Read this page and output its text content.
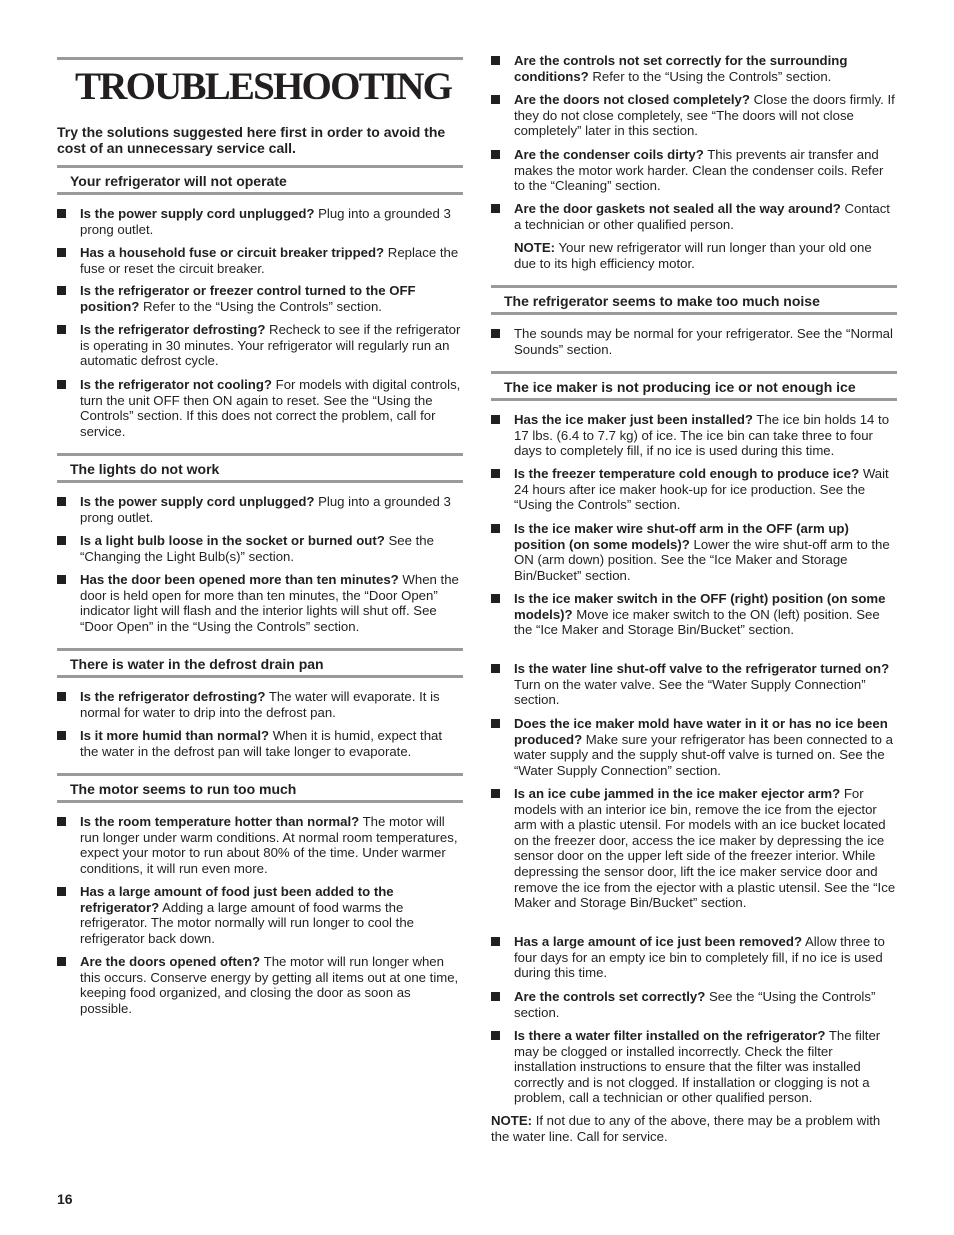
TROUBLESHOOTING

Try the solutions suggested here first in order to avoid the cost of an unnecessary service call.

Your refrigerator will not operate
Is the power supply cord unplugged? Plug into a grounded 3 prong outlet.
Has a household fuse or circuit breaker tripped? Replace the fuse or reset the circuit breaker.
Is the refrigerator or freezer control turned to the OFF position? Refer to the “Using the Controls” section.
Is the refrigerator defrosting? Recheck to see if the refrigerator is operating in 30 minutes. Your refrigerator will regularly run an automatic defrost cycle.
Is the refrigerator not cooling? For models with digital controls, turn the unit OFF then ON again to reset. See the “Using the Controls” section. If this does not correct the problem, call for service.
The lights do not work
Is the power supply cord unplugged? Plug into a grounded 3 prong outlet.
Is a light bulb loose in the socket or burned out? See the “Changing the Light Bulb(s)” section.
Has the door been opened more than ten minutes? When the door is held open for more than ten minutes, the “Door Open” indicator light will flash and the interior lights will shut off. See “Door Open” in the “Using the Controls” section.
There is water in the defrost drain pan
Is the refrigerator defrosting? The water will evaporate. It is normal for water to drip into the defrost pan.
Is it more humid than normal? When it is humid, expect that the water in the defrost pan will take longer to evaporate.
The motor seems to run too much
Is the room temperature hotter than normal? The motor will run longer under warm conditions. At normal room temperatures, expect your motor to run about 80% of the time. Under warmer conditions, it will run even more.
Has a large amount of food just been added to the refrigerator? Adding a large amount of food warms the refrigerator. The motor normally will run longer to cool the refrigerator back down.
Are the doors opened often? The motor will run longer when this occurs. Conserve energy by getting all items out at one time, keeping food organized, and closing the door as soon as possible.
Are the controls not set correctly for the surrounding conditions? Refer to the “Using the Controls” section.
Are the doors not closed completely? Close the doors firmly. If they do not close completely, see “The doors will not close completely” later in this section.
Are the condenser coils dirty? This prevents air transfer and makes the motor work harder. Clean the condenser coils. Refer to the “Cleaning” section.
Are the door gaskets not sealed all the way around? Contact a technician or other qualified person.
NOTE: Your new refrigerator will run longer than your old one due to its high efficiency motor.
The refrigerator seems to make too much noise
The sounds may be normal for your refrigerator. See the “Normal Sounds” section.
The ice maker is not producing ice or not enough ice
Has the ice maker just been installed? The ice bin holds 14 to 17 lbs. (6.4 to 7.7 kg) of ice. The ice bin can take three to four days to completely fill, if no ice is used during this time.
Is the freezer temperature cold enough to produce ice? Wait 24 hours after ice maker hook-up for ice production. See the “Using the Controls” section.
Is the ice maker wire shut-off arm in the OFF (arm up) position (on some models)? Lower the wire shut-off arm to the ON (arm down) position. See the “Ice Maker and Storage Bin/Bucket” section.
Is the ice maker switch in the OFF (right) position (on some models)? Move ice maker switch to the ON (left) position. See the “Ice Maker and Storage Bin/Bucket” section.
Is the water line shut-off valve to the refrigerator turned on? Turn on the water valve. See the “Water Supply Connection” section.
Does the ice maker mold have water in it or has no ice been produced? Make sure your refrigerator has been connected to a water supply and the supply shut-off valve is turned on. See the “Water Supply Connection” section.
Is an ice cube jammed in the ice maker ejector arm? For models with an interior ice bin, remove the ice from the ejector arm with a plastic utensil. For models with an ice bucket located on the freezer door, access the ice maker by depressing the ice sensor door on the upper left side of the freezer interior. While depressing the sensor door, lift the ice maker service door and remove the ice from the ejector with a plastic utensil. See the “Ice Maker and Storage Bin/Bucket” section.
Has a large amount of ice just been removed? Allow three to four days for an empty ice bin to completely fill, if no ice is used during this time.
Are the controls set correctly? See the “Using the Controls” section.
Is there a water filter installed on the refrigerator? The filter may be clogged or installed incorrectly. Check the filter installation instructions to ensure that the filter was installed correctly and is not clogged. If installation or clogging is not a problem, call a technician or other qualified person.
NOTE: If not due to any of the above, there may be a problem with the water line. Call for service.
16
